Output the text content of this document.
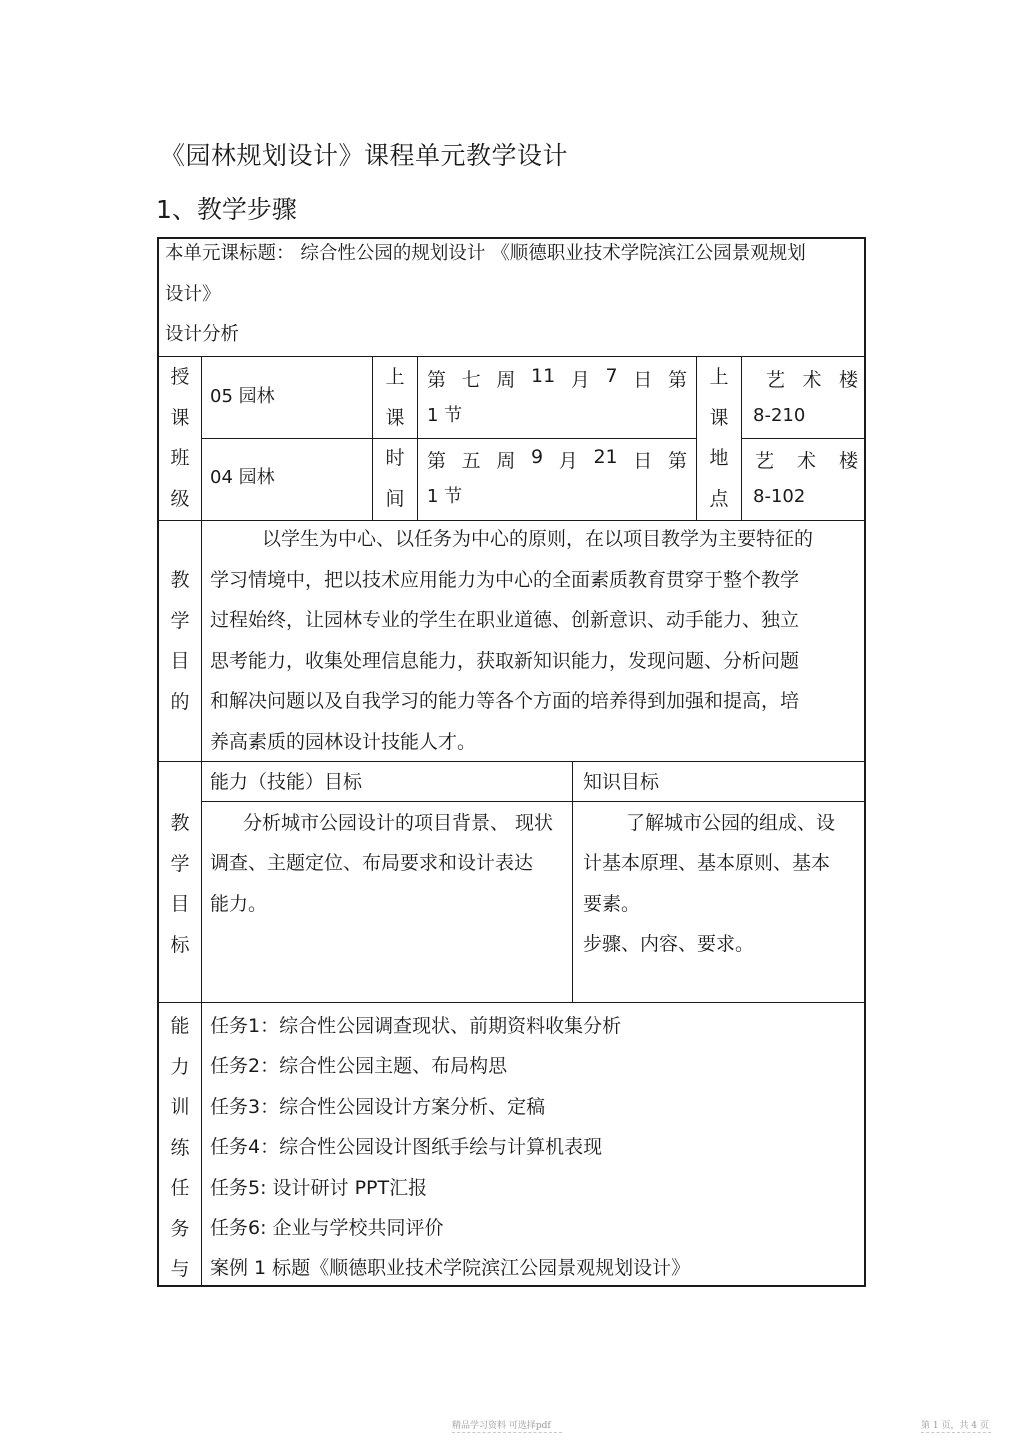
《园林规划设计》课程单元教学设计
1、教学步骤
本单元课标题： 综合性公园的规划设计 《顺德职业技术学院滨江公园景观规划
设计》
设计分析
授
课
班
级
上
课
时
间
上
课
地
点
05 园林
第 七 周 11 月 7 日 第
1 节
艺 术 楼
8-210
04 园林
第 五 周 9 月 21 日 第
1 节
艺 术 楼
8-102
教
学
目
的
以学生为中心、以任务为中心的原则，在以项目教学为主要特征的
学习情境中，把以技术应用能力为中心的全面素质教育贯穿于整个教学
过程始终，让园林专业的学生在职业道德、创新意识、动手能力、独立
思考能力，收集处理信息能力，获取新知识能力，发现问题、分析问题
和解决问题以及自我学习的能力等各个方面的培养得到加强和提高，培
养高素质的园林设计技能人才。
教
学
目
标
能力（技能）目标	知识目标
分析城市公园设计的项目背景、 现状
调查、主题定位、布局要求和设计表达
能力。
了解城市公园的组成、设
计基本原理、基本原则、基本
要素。
步骤、内容、要求。
能
力
训
练
任
务
与
任务1：综合性公园调查现状、前期资料收集分析
任务2：综合性公园主题、布局构思
任务3：综合性公园设计方案分析、定稿
任务4：综合性公园设计图纸手绘与计算机表现
任务5: 设计研讨 PPT汇报
任务6: 企业与学校共同评价
案例 1 标题《顺德职业技术学院滨江公园景观规划设计》
精品学习资料 可选择pdf	第 1 页，共 4 页
